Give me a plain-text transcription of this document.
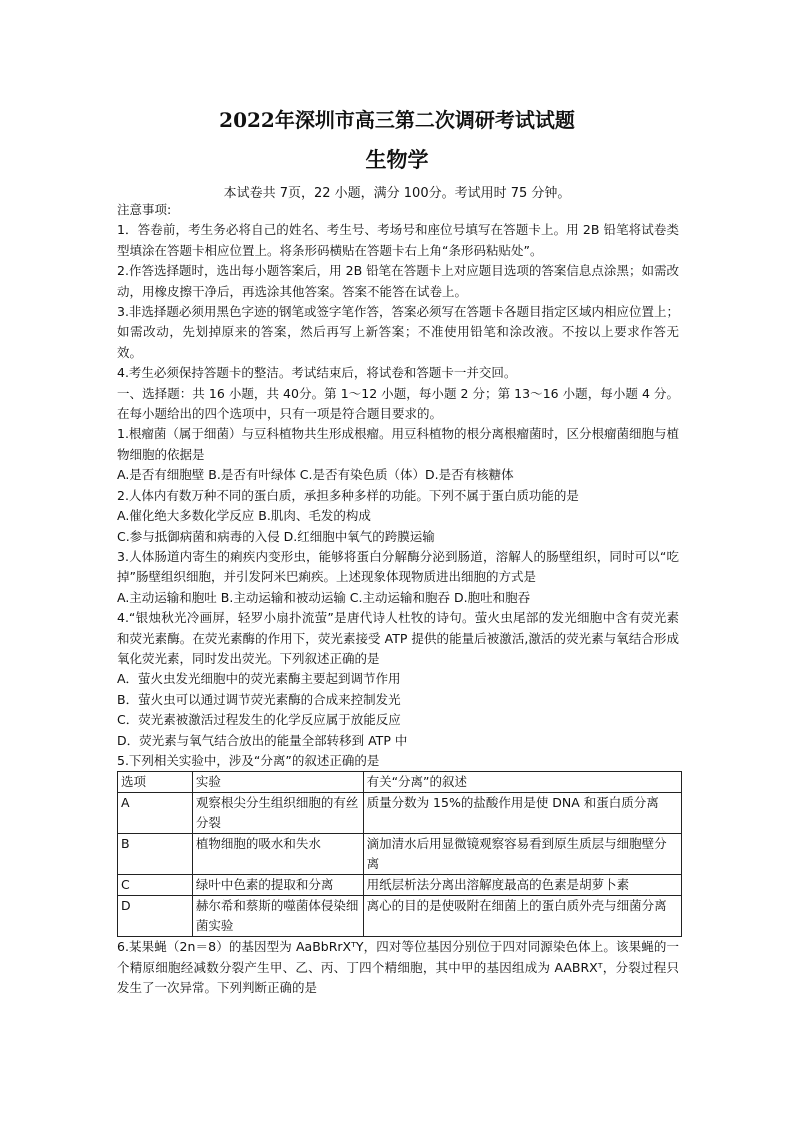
2022年深圳市高三第二次调研考试试题
生物学
本试卷共 7页，22 小题，满分 100分。考试用时 75 分钟。

注意事项:

1．答卷前，考生务必将自己的姓名、考生号、考场号和座位号填写在答题卡上。用 2B 铅笔将试卷类型填涂在答题卡相应位置上。将条形码横贴在答题卡右上角“条形码粘贴处”。

2.作答选择题时，选出每小题答案后，用 2B 铅笔在答题卡上对应题目选项的答案信息点涂黑；如需改动，用橡皮擦干净后，再选涂其他答案。答案不能答在试卷上。

3.非选择题必须用黑色字迹的钢笔或签字笔作答，答案必须写在答题卡各题目指定区域内相应位置上；如需改动，先划掉原来的答案，然后再写上新答案；不准使用铅笔和涂改液。不按以上要求作答无效。

4.考生必须保持答题卡的整洁。考试结束后，将试卷和答题卡一并交回。

一、选择题：共 16 小题，共 40分。第 1～12 小题，每小题 2 分；第 13～16 小题，每小题 4 分。在每小题给出的四个选项中，只有一项是符合题目要求的。

1.根瘤菌（属于细菌）与豆科植物共生形成根瘤。用豆科植物的根分离根瘤菌时，区分根瘤菌细胞与植物细胞的依据是

A.是否有细胞壁 B.是否有叶绿体 C.是否有染色质（体）D.是否有核糖体

2.人体内有数万种不同的蛋白质，承担多种多样的功能。下列不属于蛋白质功能的是

A.催化绝大多数化学反应 B.肌肉、毛发的构成

C.参与抵御病菌和病毒的入侵 D.红细胞中氧气的跨膜运输

3.人体肠道内寄生的痢疾内变形虫，能够将蛋白分解酶分泌到肠道，溶解人的肠壁组织，同时可以“吃掉”肠壁组织细胞，并引发阿米巴痢疾。上述现象体现物质进出细胞的方式是

A.主动运输和胞吐 B.主动运输和被动运输 C.主动运输和胞吞 D.胞吐和胞吞

4.“银烛秋光冷画屏，轻罗小扇扑流萤”是唐代诗人杜牧的诗句。萤火虫尾部的发光细胞中含有荧光素和荧光素酶。在荧光素酶的作用下，荧光素接受 ATP 提供的能量后被激活,激活的荧光素与氧结合形成氧化荧光素，同时发出荧光。下列叙述正确的是

A．萤火虫发光细胞中的荧光素酶主要起到调节作用

B．萤火虫可以通过调节荧光素酶的合成来控制发光

C．荧光素被激活过程发生的化学反应属于放能反应

D．荧光素与氧气结合放出的能量全部转移到 ATP 中

5.下列相关实验中，涉及“分离”的叙述正确的是

选项	实验	有关“分离”的叙述
A	观察根尖分生组织细胞的有丝分裂	质量分数为 15%的盐酸作用是使 DNA 和蛋白质分离
B	植物细胞的吸水和失水	滴加清水后用显微镜观察容易看到原生质层与细胞壁分离
C	绿叶中色素的提取和分离	用纸层析法分离出溶解度最高的色素是胡萝卜素
D	赫尔希和蔡斯的噬菌体侵染细菌实验	离心的目的是使吸附在细菌上的蛋白质外壳与细菌分离

6.某果蝇（2n＝8）的基因型为 AaBbRrXᵀY，四对等位基因分别位于四对同源染色体上。该果蝇的一个精原细胞经减数分裂产生甲、乙、丙、丁四个精细胞，其中甲的基因组成为 AABRXᵀ，分裂过程只发生了一次异常。下列判断正确的是
